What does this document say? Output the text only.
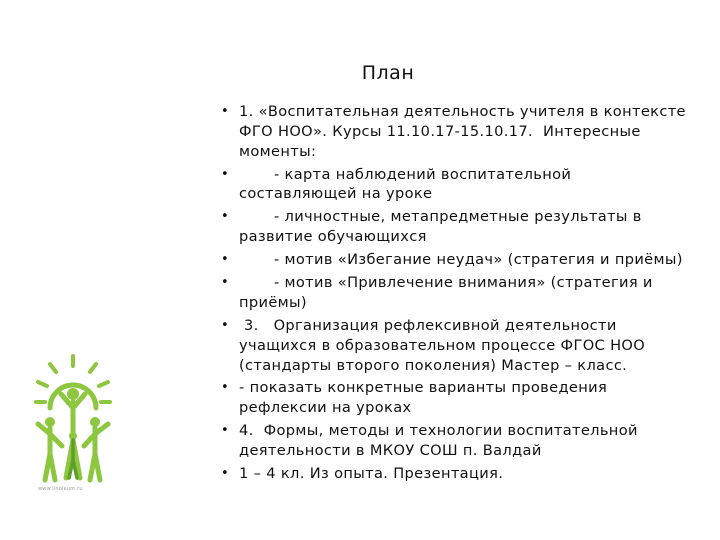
План
• 1. «Воспитательная деятельность учителя в контексте ФГО НОО». Курсы 11.10.17-15.10.17.  Интересные моменты:
• - карта наблюдений воспитательной составляющей на уроке
• - личностные, метапредметные результаты в развитие обучающихся
• - мотив «Избегание неудач» (стратегия и приёмы)
• - мотив «Привлечение внимания» (стратегия и приёмы)
• 3.   Организация рефлексивной деятельности учащихся в образовательном процессе ФГОС НОО (стандарты второго поколения) Мастер – класс.
• - показать конкретные варианты проведения рефлексии на уроках
• 4.  Формы, методы и технологии воспитательной деятельности в МКОУ СОШ п. Валдай
• 1 – 4 кл. Из опыта. Презентация.
www.linoleum.ru
